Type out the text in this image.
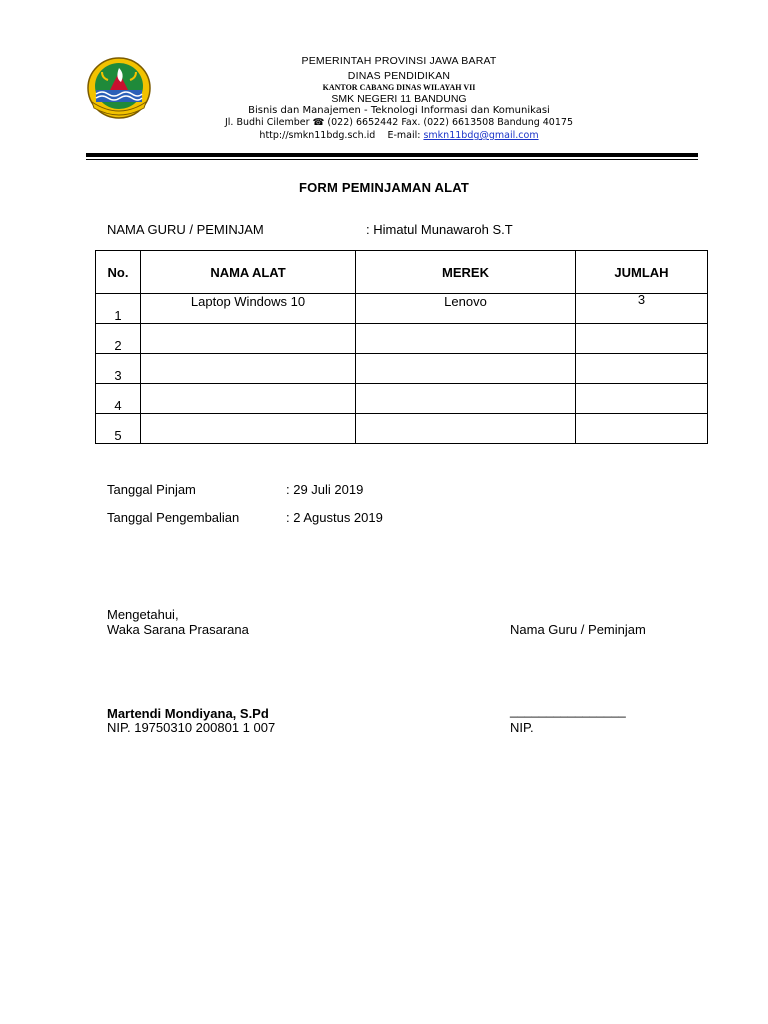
PEMERINTAH PROVINSI JAWA BARAT
DINAS PENDIDIKAN
KANTOR CABANG DINAS WILAYAH VII
SMK NEGERI 11 BANDUNG
Bisnis dan Manajemen - Teknologi Informasi dan Komunikasi
Jl. Budhi Cilember ☎ (022) 6652442 Fax. (022) 6613508 Bandung 40175
http://smkn11bdg.sch.id E-mail: smkn11bdg@gmail.com
FORM PEMINJAMAN ALAT
NAMA GURU / PEMINJAM	: Himatul Munawaroh S.T
No.	NAMA ALAT	MEREK	JUMLAH
1	Laptop Windows 10	Lenovo	3
2			
3			
4			
5			
Tanggal Pinjam	: 29 Juli 2019
Tanggal Pengembalian	: 2 Agustus 2019
Mengetahui,
Waka Sarana Prasarana	Nama Guru / Peminjam
Martendi Mondiyana, S.Pd
NIP. 19750310 200801 1 007
________________
NIP.
